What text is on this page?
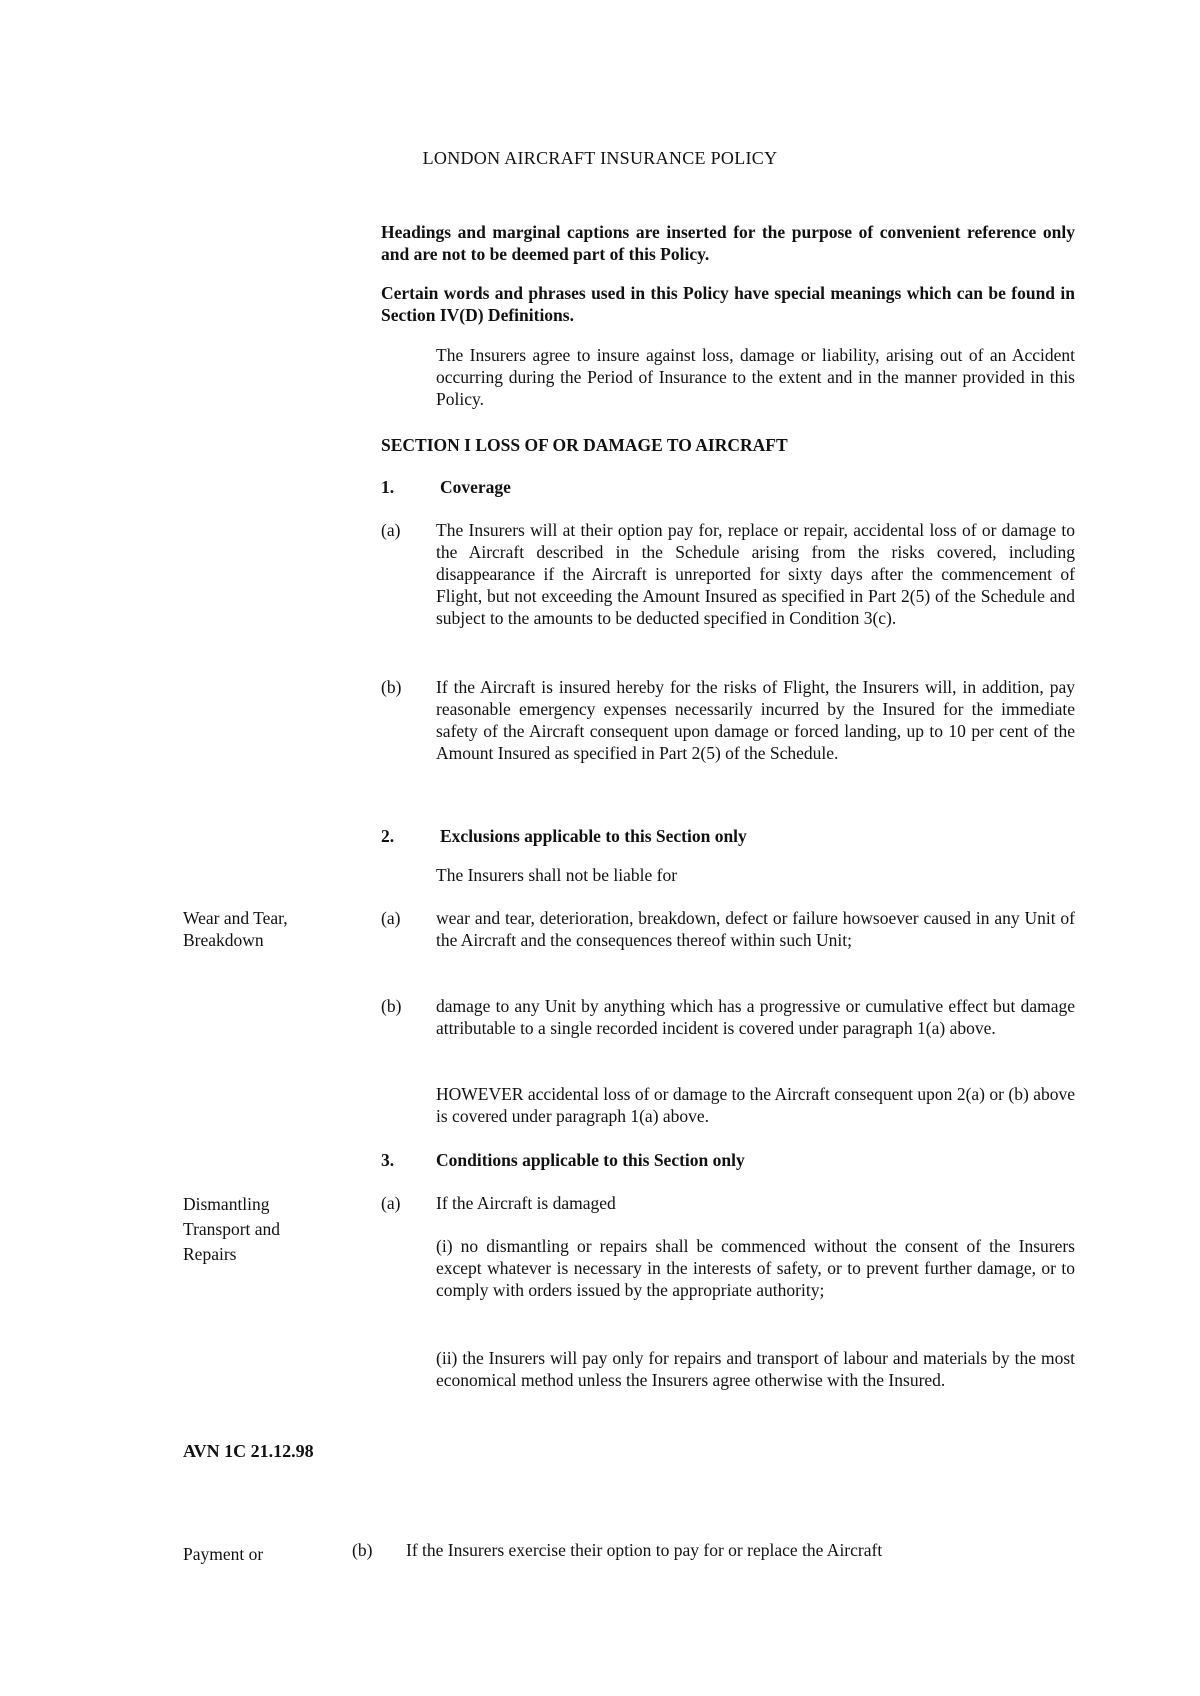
LONDON AIRCRAFT INSURANCE POLICY
Headings and marginal captions are inserted for the purpose of convenient reference only and are not to be deemed part of this Policy.
Certain words and phrases used in this Policy have special meanings which can be found in Section IV(D) Definitions.
The Insurers agree to insure against loss, damage or liability, arising out of an Accident occurring during the Period of Insurance to the extent and in the manner provided in this Policy.
SECTION I LOSS OF OR DAMAGE TO AIRCRAFT
1.	Coverage
(a)	The Insurers will at their option pay for, replace or repair, accidental loss of or damage to the Aircraft described in the Schedule arising from the risks covered, including disappearance if the Aircraft is unreported for sixty days after the commencement of Flight, but not exceeding the Amount Insured as specified in Part 2(5) of the Schedule and subject to the amounts to be deducted specified in Condition 3(c).
(b)	If the Aircraft is insured hereby for the risks of Flight, the Insurers will, in addition, pay reasonable emergency expenses necessarily incurred by the Insured for the immediate safety of the Aircraft consequent upon damage or forced landing, up to 10 per cent of the Amount Insured as specified in Part 2(5) of the Schedule.
2.	Exclusions applicable to this Section only
The Insurers shall not be liable for
Wear and Tear, Breakdown
(a)	wear and tear, deterioration, breakdown, defect or failure howsoever caused in any Unit of the Aircraft and the consequences thereof within such Unit;
(b)	damage to any Unit by anything which has a progressive or cumulative effect but damage attributable to a single recorded incident is covered under paragraph 1(a) above.
HOWEVER accidental loss of or damage to the Aircraft consequent upon 2(a) or (b) above is covered under paragraph 1(a) above.
3.	Conditions applicable to this Section only
Dismantling Transport and Repairs
(a)	If the Aircraft is damaged
(i) no dismantling or repairs shall be commenced without the consent of the Insurers except whatever is necessary in the interests of safety, or to prevent further damage, or to comply with orders issued by the appropriate authority;
(ii) the Insurers will pay only for repairs and transport of labour and materials by the most economical method unless the Insurers agree otherwise with the Insured.
AVN 1C 21.12.98
Payment or	(b) If the Insurers exercise their option to pay for or replace the Aircraft
